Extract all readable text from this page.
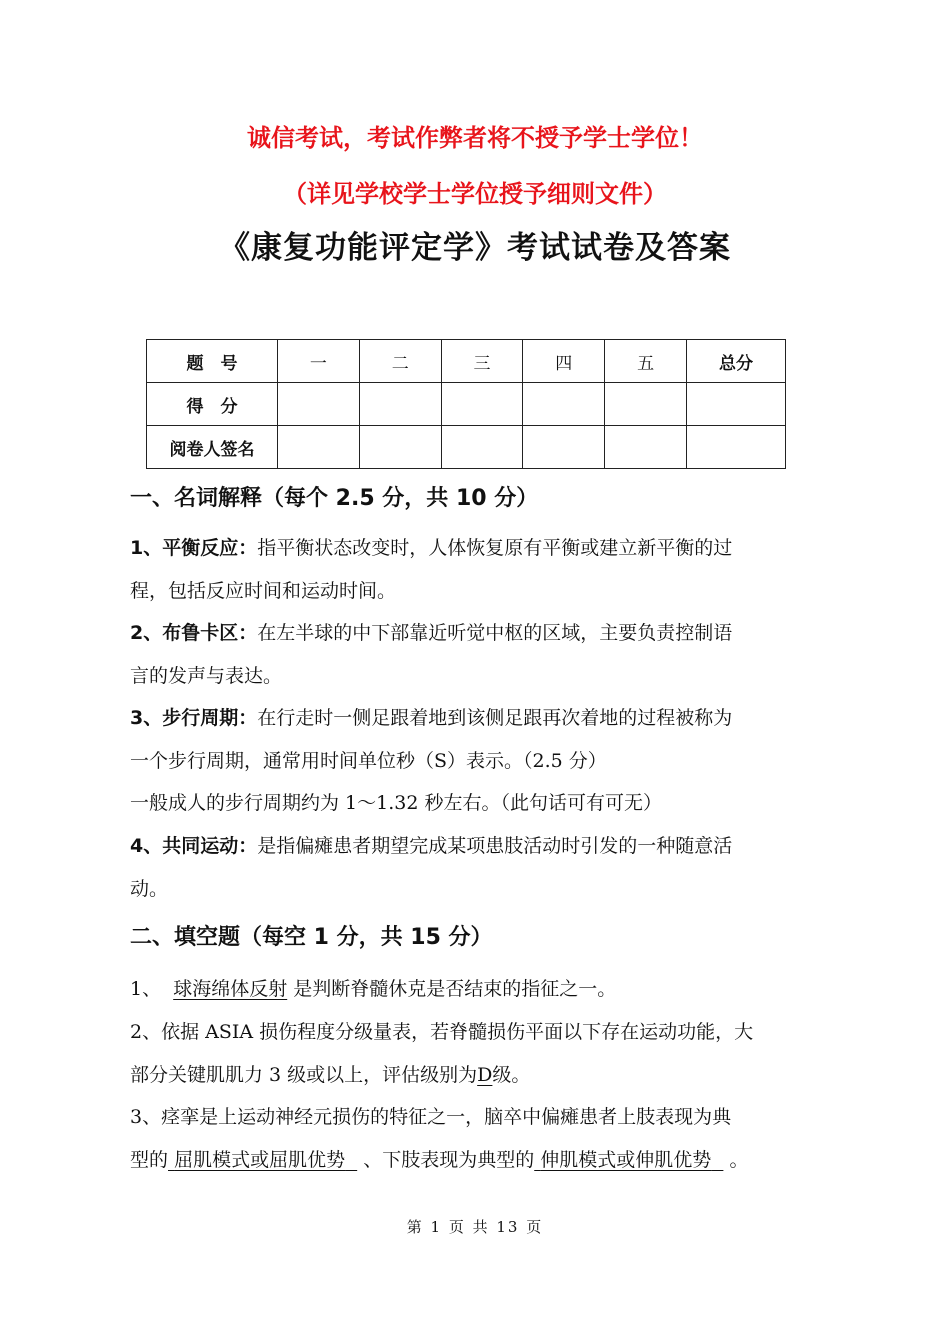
诚信考试，考试作弊者将不授予学士学位！
（详见学校学士学位授予细则文件）
《康复功能评定学》考试试卷及答案
题　号	一	二	三	四	五	总分
得　分						
阅卷人签名						
一、名词解释（每个 2.5 分，共 10 分）
1、平衡反应：指平衡状态改变时，人体恢复原有平衡或建立新平衡的过
程，包括反应时间和运动时间。
2、布鲁卡区：在左半球的中下部靠近听觉中枢的区域，主要负责控制语
言的发声与表达。
3、步行周期：在行走时一侧足跟着地到该侧足跟再次着地的过程被称为
一个步行周期，通常用时间单位秒（S）表示。（2.5 分）
一般成人的步行周期约为 1～1.32 秒左右。（此句话可有可无）
4、共同运动：是指偏瘫患者期望完成某项患肢活动时引发的一种随意活
动。
二、填空题（每空 1 分，共 15 分）
1、 球海绵体反射 是判断脊髓休克是否结束的指征之一。
2、依据 ASIA 损伤程度分级量表，若脊髓损伤平面以下存在运动功能，大
部分关键肌肌力 3 级或以上，评估级别为D级。
3、痉挛是上运动神经元损伤的特征之一，脑卒中偏瘫患者上肢表现为典
型的 屈肌模式或屈肌优势 、下肢表现为典型的 伸肌模式或伸肌优势 。
第 1 页 共 13 页
